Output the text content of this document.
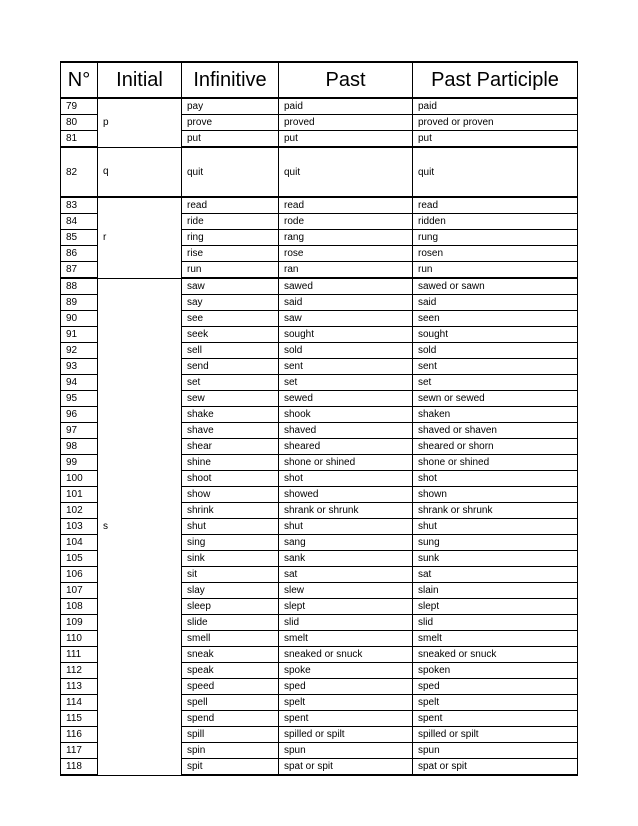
N°	Initial	Infinitive	Past	Past Participle
79	p	pay	paid	paid
80		prove	proved	proved or proven
81		put	put	put
82	q	quit	quit	quit
83	r	read	read	read
84		ride	rode	ridden
85		ring	rang	rung
86		rise	rose	rosen
87		run	ran	run
88	s	saw	sawed	sawed or sawn
89		say	said	said
90		see	saw	seen
91		seek	sought	sought
92		sell	sold	sold
93		send	sent	sent
94		set	set	set
95		sew	sewed	sewn or sewed
96		shake	shook	shaken
97		shave	shaved	shaved or shaven
98		shear	sheared	sheared or shorn
99		shine	shone or shined	shone or shined
100		shoot	shot	shot
101		show	showed	shown
102		shrink	shrank or shrunk	shrank or shrunk
103		shut	shut	shut
104		sing	sang	sung
105		sink	sank	sunk
106		sit	sat	sat
107		slay	slew	slain
108		sleep	slept	slept
109		slide	slid	slid
110		smell	smelt	smelt
111		sneak	sneaked or snuck	sneaked or snuck
112		speak	spoke	spoken
113		speed	sped	sped
114		spell	spelt	spelt
115		spend	spent	spent
116		spill	spilled or spilt	spilled or spilt
117		spin	spun	spun
118		spit	spat or spit	spat or spit
